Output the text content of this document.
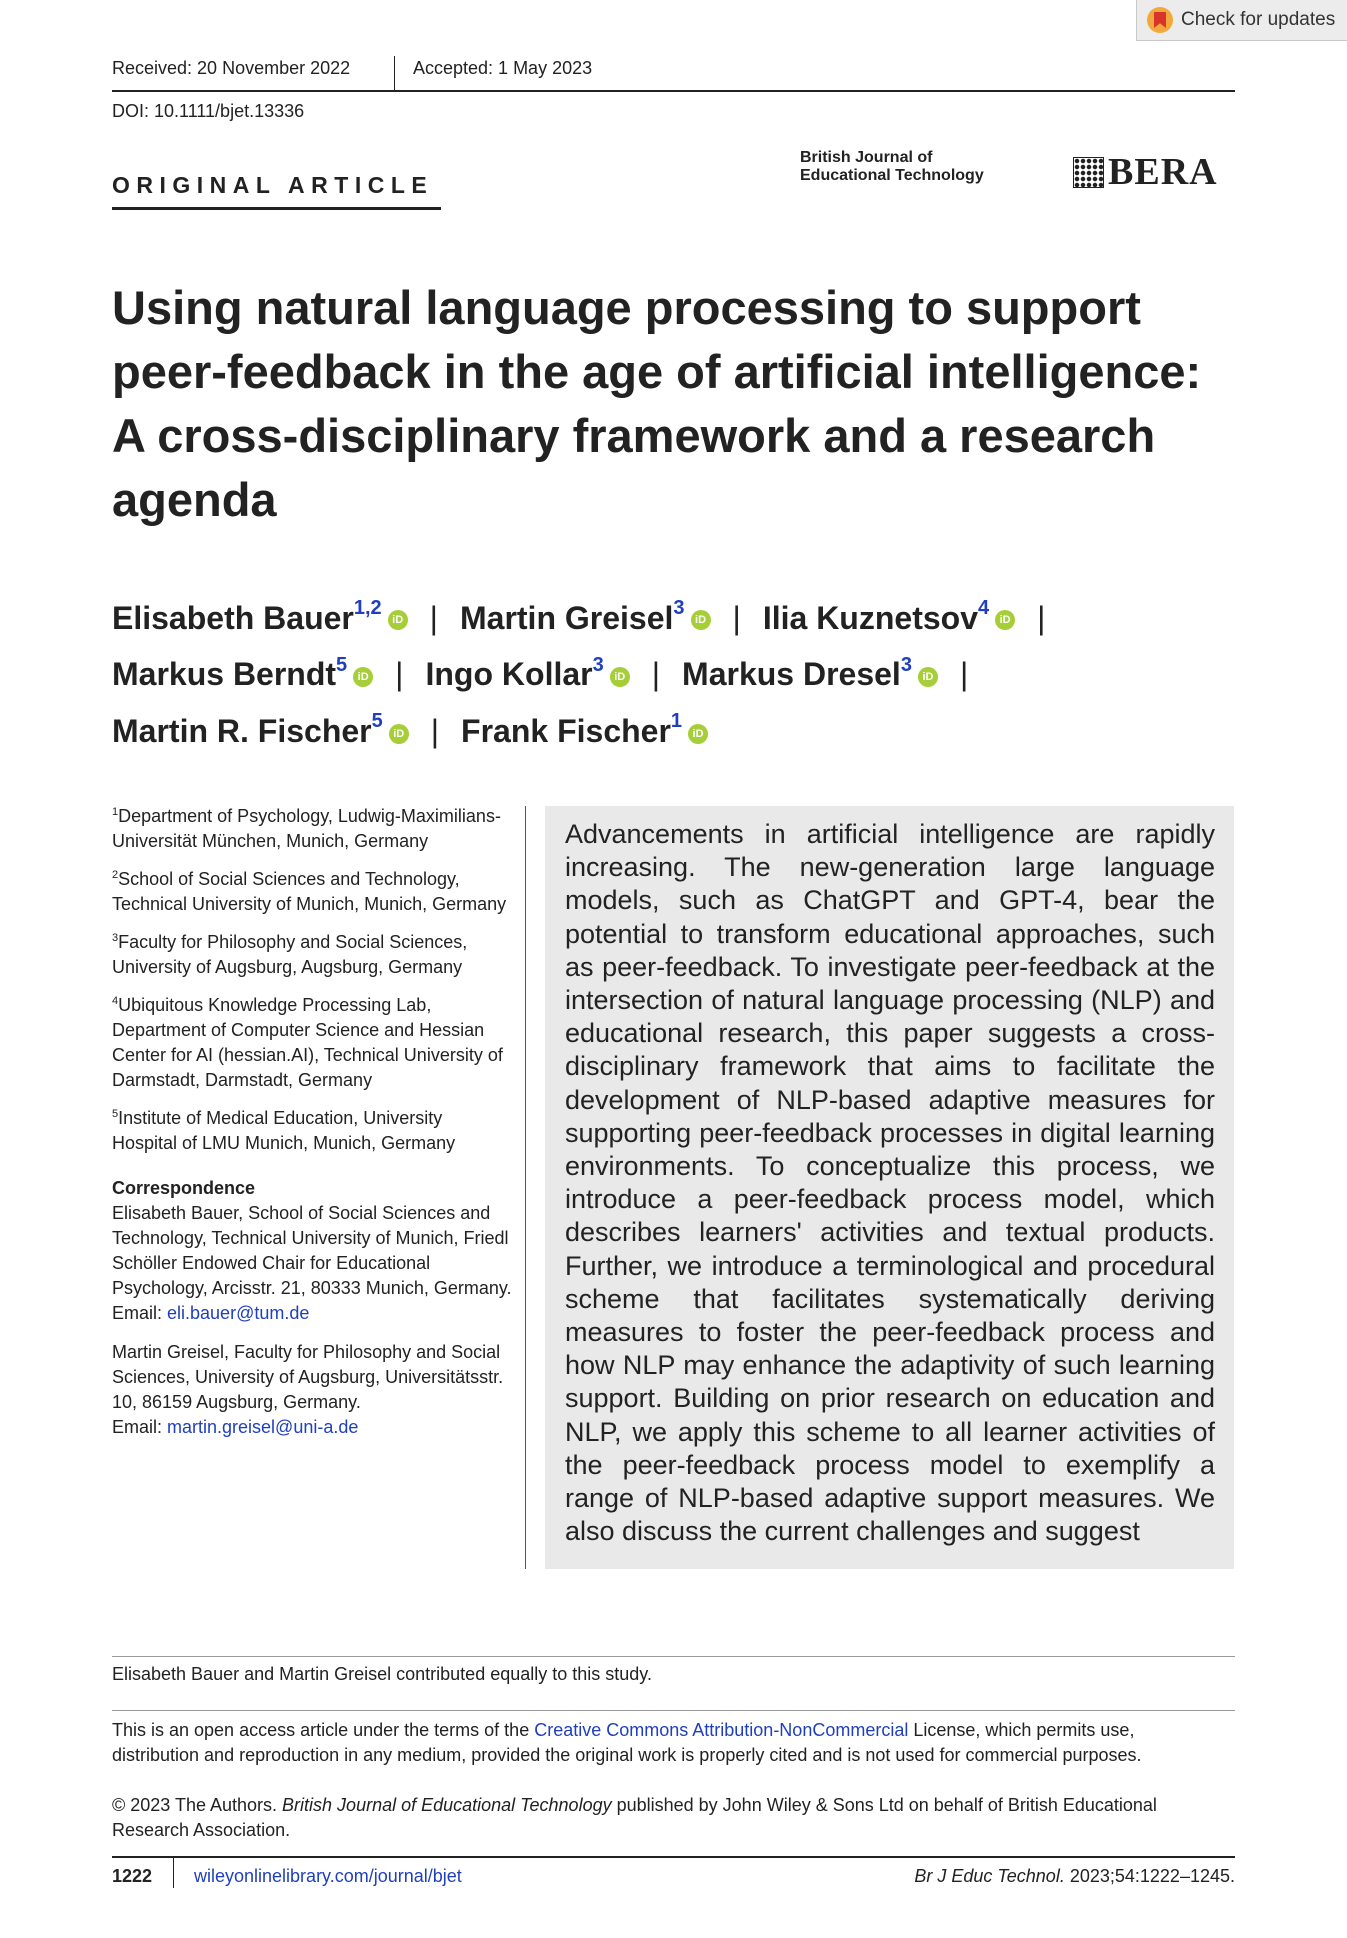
Check for updates
Received: 20 November 2022	Accepted: 1 May 2023
DOI: 10.1111/bjet.13336
ORIGINAL ARTICLE
British Journal of
Educational Technology	BERA
Using natural language processing to support peer-feedback in the age of artificial intelligence: A cross-disciplinary framework and a research agenda
Elisabeth Bauer$^{1,2}$iD | Martin Greisel$^3$iD | Ilia Kuznetsov$^4$iD |
Markus Berndt$^5$iD | Ingo Kollar$^3$iD | Markus Dresel$^3$iD |
Martin R. Fischer$^5$iD | Frank Fischer$^1$iD
$^1$Department of Psychology, Ludwig-Maximilians-Universität München, Munich, Germany
$^2$School of Social Sciences and Technology, Technical University of Munich, Munich, Germany
$^3$Faculty for Philosophy and Social Sciences, University of Augsburg, Augsburg, Germany
$^4$Ubiquitous Knowledge Processing Lab, Department of Computer Science and Hessian Center for AI (hessian.AI), Technical University of Darmstadt, Darmstadt, Germany
$^5$Institute of Medical Education, University Hospital of LMU Munich, Munich, Germany
Correspondence
Elisabeth Bauer, School of Social Sciences and Technology, Technical University of Munich, Friedl Schöller Endowed Chair for Educational Psychology, Arcisstr. 21, 80333 Munich, Germany.
Email: eli.bauer@tum.de
Martin Greisel, Faculty for Philosophy and Social Sciences, University of Augsburg, Universitätsstr. 10, 86159 Augsburg, Germany.
Email: martin.greisel@uni-a.de

Advancements in artificial intelligence are rapidly increasing. The new-generation large language models, such as ChatGPT and GPT-4, bear the potential to transform educational approaches, such as peer-feedback. To investigate peer-feedback at the intersection of natural language processing (NLP) and educational research, this paper suggests a cross-disciplinary framework that aims to facilitate the development of NLP-based adaptive measures for supporting peer-feedback processes in digital learning environments. To conceptualize this process, we introduce a peer-feedback process model, which describes learners' activities and textual products. Further, we introduce a terminological and procedural scheme that facilitates systematically deriving measures to foster the peer-feedback process and how NLP may enhance the adaptivity of such learning support. Building on prior research on education and NLP, we apply this scheme to all learner activities of the peer-feedback process model to exemplify a range of NLP-based adaptive support measures. We also discuss the current challenges and suggest

Elisabeth Bauer and Martin Greisel contributed equally to this study.

This is an open access article under the terms of the Creative Commons Attribution-NonCommercial License, which permits use, distribution and reproduction in any medium, provided the original work is properly cited and is not used for commercial purposes.

© 2023 The Authors. British Journal of Educational Technology published by John Wiley & Sons Ltd on behalf of British Educational Research Association.

1222 wileyonlinelibrary.com/journal/bjet	Br J Educ Technol. 2023;54:1222–1245.
